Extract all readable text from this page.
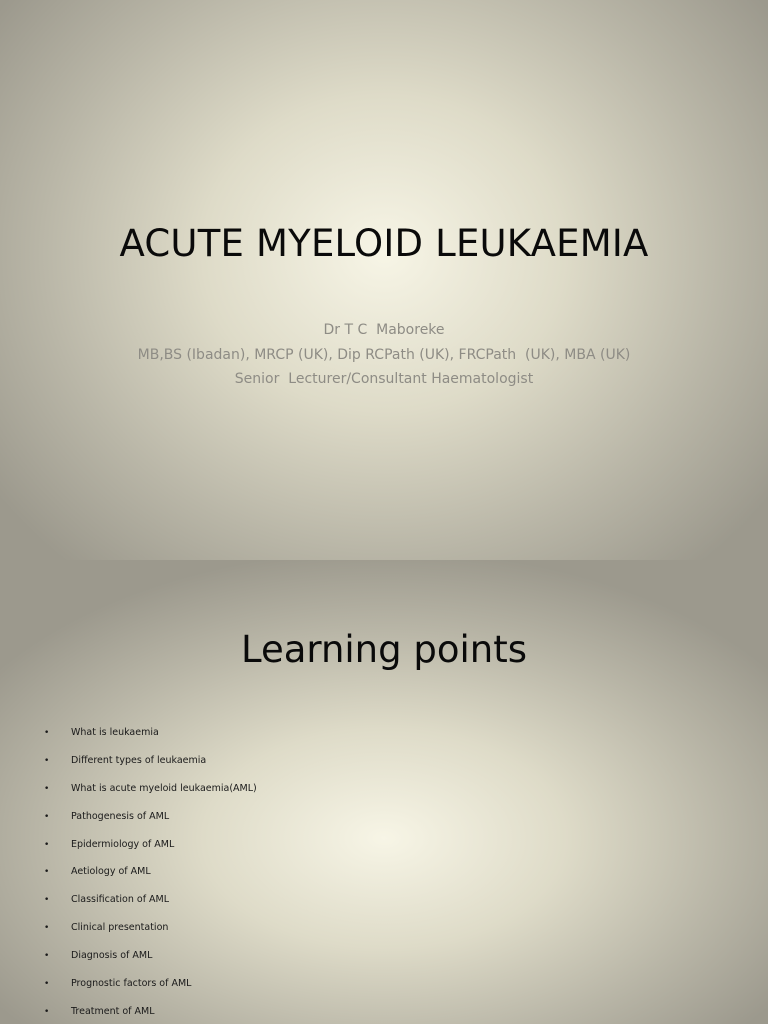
ACUTE MYELOID LEUKAEMIA
Dr T C  Maboreke
MB,BS (Ibadan), MRCP (UK), Dip RCPath (UK), FRCPath  (UK), MBA (UK)
Senior  Lecturer/Consultant Haematologist
Learning points
• What is leukaemia
• Different types of leukaemia
• What is acute myeloid leukaemia(AML)
• Pathogenesis of AML
• Epidermiology of AML
• Aetiology of AML
• Classification of AML
• Clinical presentation
• Diagnosis of AML
• Prognostic factors of AML
• Treatment of AML
